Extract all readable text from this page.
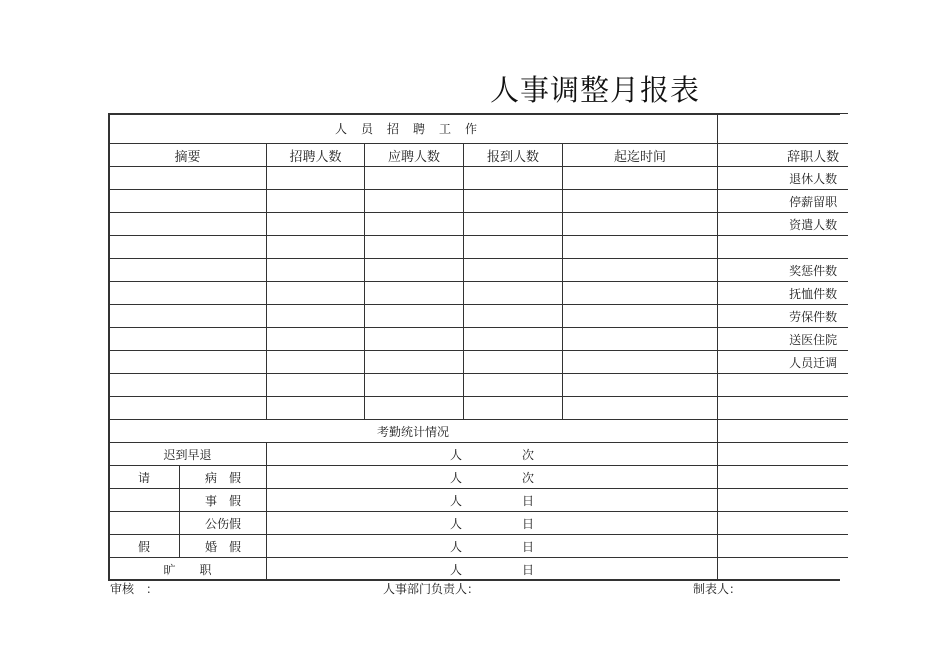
人事调整月报表
人员招聘工作						
摘要		招聘人数	应聘人数	报到人数	起迄时间	辞职人数
						退休人数
						停薪留职
						资遣人数

						奖惩件数
						抚恤件数
						劳保件数
						送医住院
						人员迁调

考勤统计情况						
迟到早退		人 次				
请	病　假	人 次				
	事　假	人 日				
	公伤假	人 日				
假	婚　假	人 日				
旷　　职		人 日				
审核　：	人事部门负责人：	制表人：
